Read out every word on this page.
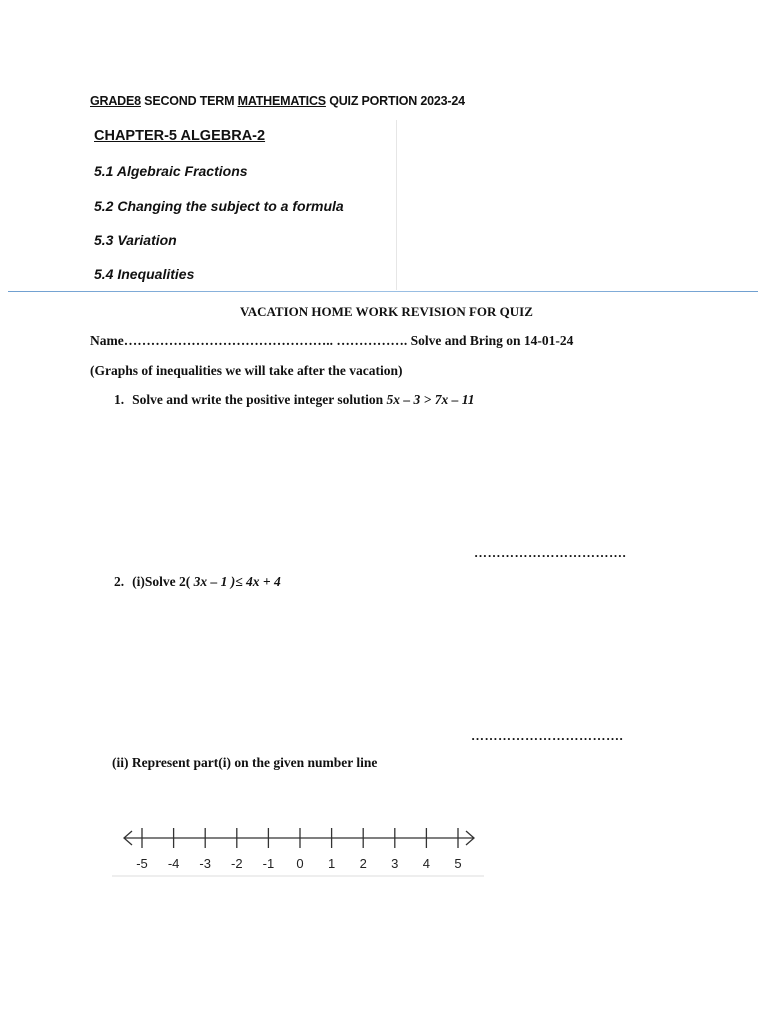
GRADE8 SECOND TERM MATHEMATICS QUIZ PORTION 2023-24
CHAPTER-5 ALGEBRA-2
5.1 Algebraic Fractions
5.2 Changing the subject to a formula
5.3 Variation
5.4 Inequalities
VACATION HOME WORK REVISION FOR QUIZ
Name……………………………………….. ……………. Solve and Bring on 14-01-24
(Graphs of inequalities we will take after the vacation)
1. Solve and write the positive integer solution 5x – 3 > 7x – 11
…………………………….
2. (i)Solve 2( 3x – 1 )≤ 4x + 4
…………………………….
(ii) Represent part(i) on the given number line
-5 -4 -3 -2 -1 0 1 2 3 4 5
